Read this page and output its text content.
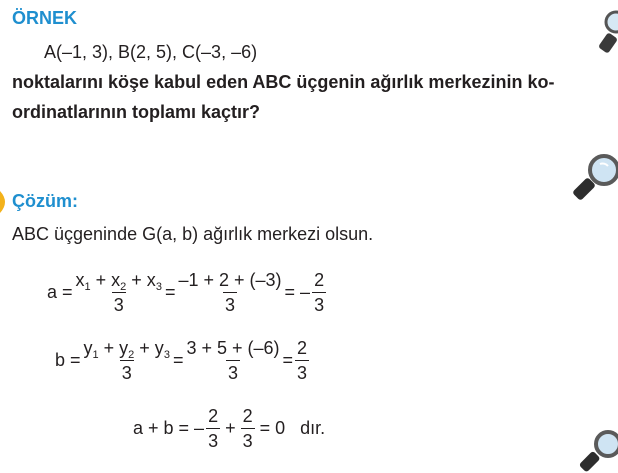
ÖRNEK
A(–1, 3), B(2, 5), C(–3, –6)
noktalarını köşe kabul eden ABC üçgenin ağırlık merkezinin ko-
ordinatlarının toplamı kaçtır?
Çözüm:
ABC üçgeninde G(a, b) ağırlık merkezi olsun.
$a = \frac{x_1 + x_2 + x_3}{3} = \frac{-1 + 2 + (-3)}{3}$ = – $\frac{2}{3}$
$b = \frac{y_1 + y_2 + y_3}{3} = \frac{3 + 5 + (-6)}{3} = \frac{2}{3}$
a + b = – $\frac{2}{3} + \frac{2}{3} = 0$ dır.
